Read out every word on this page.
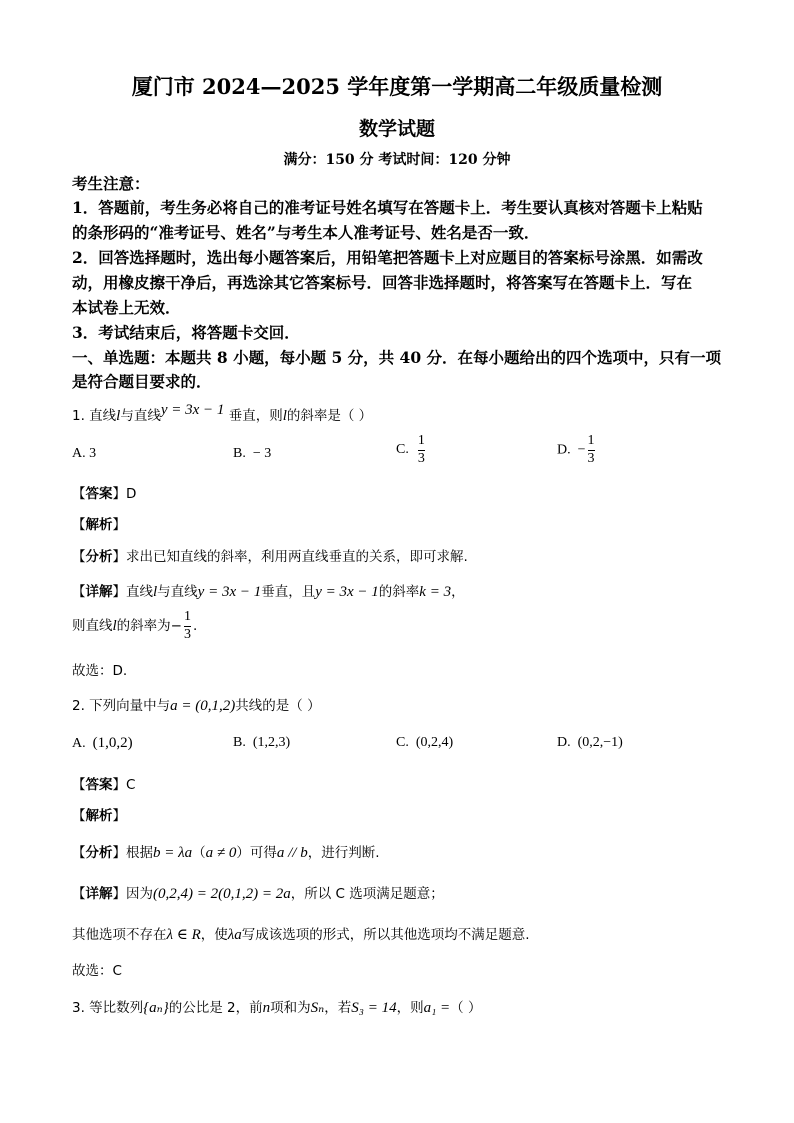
厦门市 2024—2025 学年度第一学期高二年级质量检测
数学试题
满分：150 分 考试时间：120 分钟
考生注意：
1．答题前，考生务必将自己的准考证号姓名填写在答题卡上．考生要认真核对答题卡上粘贴
的条形码的“准考证号、姓名”与考生本人准考证号、姓名是否一致．
2．回答选择题时，选出每小题答案后，用铅笔把答题卡上对应题目的答案标号涂黑．如需改
动，用橡皮擦干净后，再选涂其它答案标号．回答非选择题时，将答案写在答题卡上．写在
本试卷上无效．
3．考试结束后，将答题卡交回．
一、单选题：本题共 8 小题，每小题 5 分，共 40 分．在每小题给出的四个选项中，只有一项
是符合题目要求的．
1. 直线l与直线y = 3x − 1 垂直，则l的斜率是（ ）
A. 3	B. − 3	C. $\frac{1}{3}$	D. − $\frac{1}{3}$
【答案】D
【解析】
【分析】求出已知直线的斜率，利用两直线垂直的关系，即可求解.
【详解】直线l与直线y = 3x − 1垂直，且y = 3x − 1的斜率k = 3，
则直线l的斜率为− $\frac{1}{3}$ .
故选：D.
2. 下列向量中与a = (0,1,2)共线的是（ ）
A. (1,0,2)	B. (1,2,3)	C. (0,2,4)	D. (0,2,−1)
【答案】C
【解析】
【分析】根据b = λa（a ≠ 0）可得a // b，进行判断.
【详解】因为(0,2,4) = 2(0,1,2) = 2a，所以 C 选项满足题意；
其他选项不存在λ ∈ R，使λa写成该选项的形式，所以其他选项均不满足题意.
故选：C
3. 等比数列{aₙ}的公比是 2，前n项和为Sₙ，若S₃ = 14，则a₁ =（ ）
